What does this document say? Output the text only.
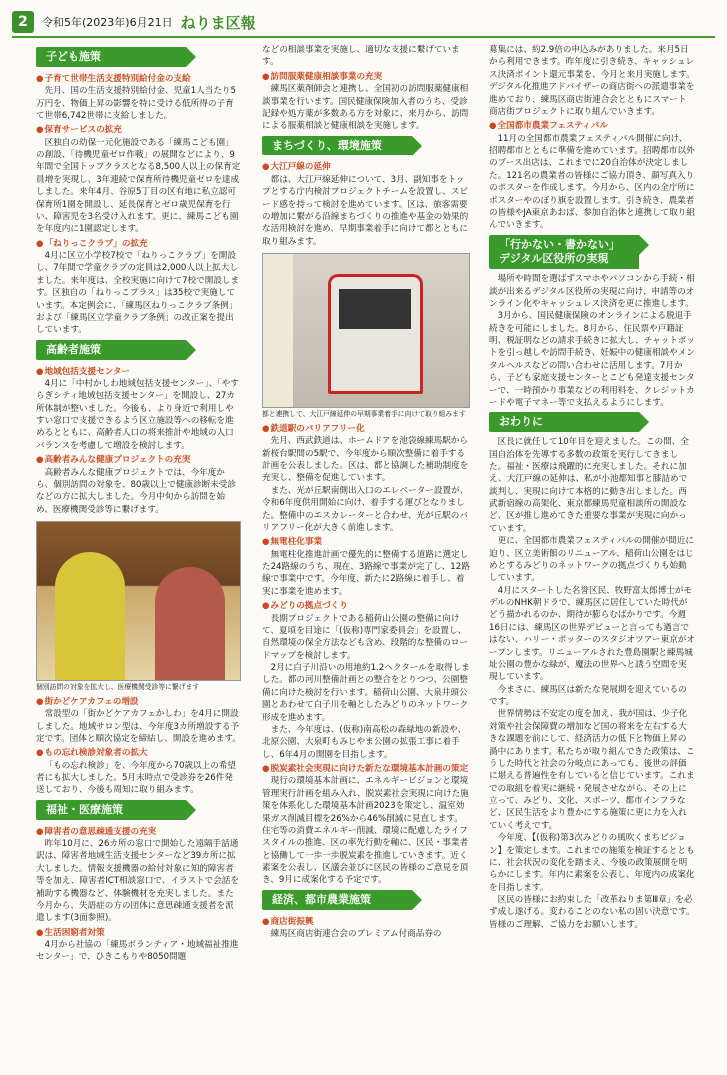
2	令和5年(2023年)6月21日 ねりま区報
子ども施策
● 子育て世帯生活支援特別給付金の支給

先月、国の生活支援特別給付金、児童1人当たり5万円を、物価上昇の影響を特に受ける低所得の子育て世帯6,742世帯に支給しました。

● 保育サービスの拡充

区独自の幼保一元化施設である「練馬こども園」の創設、「待機児童ゼロ作戦」の展開などにより、9年間で全国トップクラスとなる8,500人以上の保育定員増を実現し、3年連続で保育所待機児童ゼロを達成しました。来年4月、谷原5丁目の区有地に私立認可保育所1園を開設し、延長保育とゼロ歳児保育を行い、障害児を3名受け入れます。更に、練馬こども園を年度内に1園認定します。

● 「ねりっこクラブ」の拡充

4月に区立小学校7校で「ねりっこクラブ」を開設し、7年間で学童クラブの定員は2,000人以上拡大しました。来年度は、全校実施に向けて7校で開設します。区独自の「ねりっこプラス」は35校で実施しています。本定例会に、「練馬区ねりっこクラブ条例」および「練馬区立学童クラブ条例」の改正案を提出しています。

高齢者施策
● 地域包括支援センター

4月に「中村かしわ地域包括支援センター」、「やすらぎシティ地域包括支援センター」を開設し、27カ所体制が整いました。今後も、より身近で利用しやすい窓口で支援できるよう区立施設等への移転を進めるとともに、高齢者人口の将来推計や地域の人口バランスを考慮して増設を検討します。

● 高齢者みんな健康プロジェクトの充実

高齢者みんな健康プロジェクトでは、今年度から、個別訪問の対象を、80歳以上で健康診断未受診などの方に拡大しました。今月中旬から訪問を始め、医療機関受診等に繋げます。

個別訪問の対象を拡大し、医療機関受診等に繋げます
● 街かどケアカフェの増設

常設型の「街かどケアカフェかしわ」を4月に開設しました。地域サロン型は、今年度3カ所増設する予定です。団体と順次協定を締結し、開設を進めます。

● もの忘れ検診対象者の拡大

「もの忘れ検診」を、今年度から70歳以上の希望者にも拡大しました。5月末時点で受診券を26件発送しており、今後も周知に取り組みます。

福祉・医療施策
● 障害者の意思疎通支援の充実

昨年10月に、26カ所の窓口で開始した遠隔手話通訳は、障害者地域生活支援センターなど39カ所に拡大しました。情報支援機器の給付対象に知的障害者等を加え、障害者ICT相談窓口で、イラストで会話を補助する機器など、体験機材を充実しました。また今月から、失語症の方の団体に意思疎通支援者を派遣します(3面参照)。

● 生活困窮者対策

4月から社協の「練馬ボランティア・地域福祉推進センター」で、ひきこもりや8050問題

などの相談事業を実施し、適切な支援に繋げています。

● 訪問服薬健康相談事業の充実

練馬区薬剤師会と連携し、全国初の訪問服薬健康相談事業を行います。国民健康保険加入者のうち、受診記録や処方薬が多数ある方を対象に、来月から、訪問による服薬相談と健康相談を実施します。

まちづくり、環境施策
● 大江戸線の延伸

都は、大江戸線延伸について、3月、副知事をトップとする庁内検討プロジェクトチームを設置し、スピード感を持って検討を進めています。区は、旅客需要の増加に繋がる沿線まちづくりの推進や基金の効果的な活用検討を進め、早期事業着手に向けて都とともに取り組みます。

都と連携して、大江戸線延伸の早期事業着手に向けて取り組みます
● 鉄道駅のバリアフリー化

先月、西武鉄道は、ホームドアを池袋線練馬駅から新桜台駅間の5駅で、今年度から順次整備に着手する計画を公表しました。区は、都と協調した補助制度を充実し、整備を促進しています。

また、光が丘駅南側出入口のエレベーター設置が、令和6年度供用開始に向け、着手する運びとなりました。整備中のエスカレーターと合わせ、光が丘駅のバリアフリー化が大きく前進します。

● 無電柱化事業

無電柱化推進計画で優先的に整備する道路に選定した24路線のうち、現在、3路線で事業が完了し、12路線で事業中です。今年度、新たに2路線に着手し、着実に事業を進めます。

● みどりの拠点づくり

長期プロジェクトである稲荷山公園の整備に向けて、夏頃を目途に「(仮称)専門家委員会」を設置し、自然環境の保全方法なども含め、段階的な整備のロードマップを検討します。

2月に白子川沿いの用地約1.2ヘクタールを取得しました。都の河川整備計画との整合をとりつつ、公園整備に向けた検討を行います。稲荷山公園、大泉井頭公園とあわせて白子川を軸としたみどりのネットワーク形成を進めます。

また、今年度は、(仮称)南高松の森緑地の新設や、北原公園、大泉町もみじやま公園の拡張工事に着手し、6年4月の開園を目指します。

● 脱炭素社会実現に向けた新たな環境基本計画の策定

現行の環境基本計画に、エネルギービジョンと環境管理実行計画を組み入れ、脱炭素社会実現に向けた施策を体系化した環境基本計画2023を策定し、温室効果ガス削減目標を26%から46%削減に見直します。住宅等の消費エネルギー削減、環境に配慮したライフスタイルの推進、区の率先行動を軸に、区民・事業者と協働して一歩一歩脱炭素を推進していきます。近く素案を公表し、区議会並びに区民の皆様のご意見を頂き、9月に成案化する予定です。

経済、都市農業施策
● 商店街振興

練馬区商店街連合会のプレミアム付商品券の

募集には、約2.9倍の申込みがありました。来月5日から利用できます。昨年度に引き続き、キャッシュレス決済ポイント還元事業を、今月と来月実施します。デジタル化推進アドバイザーの商店街への派遣事業を進めており、練馬区商店街連合会とともにスマート商店街プロジェクトに取り組んでいきます。

● 全国都市農業フェスティバル

11月の全国都市農業フェスティバル開催に向け、招聘都市とともに準備を進めています。招聘都市以外のブース出店は、これまでに20自治体が決定しました。121名の農業者の皆様にご協力頂き、顔写真入りのポスターを作成します。今月から、区内の全庁所にポスターやのぼり旗を設置します。引き続き、農業者の皆様やJA東京あおば、参加自治体と連携して取り組んでいきます。

「行かない・書かない」
デジタル区役所の実現

場所や時間を選ばずスマホやパソコンから手続・相談が出来るデジタル区役所の実現に向け、申請等のオンライン化やキャッシュレス決済を更に推進します。

3月から、国民健康保険のオンラインによる脱退手続きを可能にしました。8月から、住民票や戸籍証明、税証明などの請求手続きに拡大し、チャットボットを引っ越しや訪問手続き、妊娠中の健康相談やメンタルヘルスなどの問い合わせに活用します。7月から、子ども家庭支援センターとこども発達支援センターで、一時預かり事業などの利用料を、クレジットカードや電子マネー等で支払えるようにします。

おわりに

区長に就任して10年目を迎えました。この間、全国自治体を先導する多数の政策を実行してきました。福祉・医療は飛躍的に充実しました。それに加え、大江戸線の延伸は、私が小池都知事と膝詰めで談判し、実現に向けて本格的に動き出しました。西武新宿線の高架化、東京都練馬児童相談所の開設など、区が推し進めてきた重要な事業が実現に向かっています。

更に、全国都市農業フェスティバルの開催が間近に迫り、区立美術館のリニューアル、稲荷山公園をはじめとするみどりのネットワークの拠点づくりも始動しています。

4月にスタートした名誉区民、牧野富太郎博士がモデルのNHK朝ドラで、練馬区に居住していた時代がどう描かれるのか、期待が膨らむばかりです。今週16日には、練馬区の世界デビューと言っても過言ではない、ハリー・ポッターのスタジオツアー東京がオープンします。リニューアルされた豊島園駅と練馬城址公園の豊かな緑が、魔法の世界へと誘う空間を実現しています。

今まさに、練馬区は新たな発展期を迎えているのです。

世界情勢は不安定の度を加え、我が国は、少子化対策や社会保障費の増加など国の将来を左右する大きな課題を前にして、経済活力の低下と物価上昇の渦中にあります。私たちが取り組んできた政策は、こうした時代と社会の分岐点にあっても、後世の評価に堪える普遍性を有していると信じています。これまでの取組を着実に継続・発展させながら、その上に立って、みどり、文化、スポーツ、都市インフラなど、区民生活をより豊かにする施策に更に力を入れていく考えです。

今年度、【(仮称)第3次みどりの風吹くまちビジョン】を策定します。これまでの施策を検証するとともに、社会状況の変化を踏まえ、今後の政策展開を明らかにします。年内に素案を公表し、年度内の成案化を目指します。

区民の皆様にお約束した「改革ねりま第Ⅲ章」を必ず成し遂げる。変わることのない私の固い決意です。皆様のご理解、ご協力をお願いします。
